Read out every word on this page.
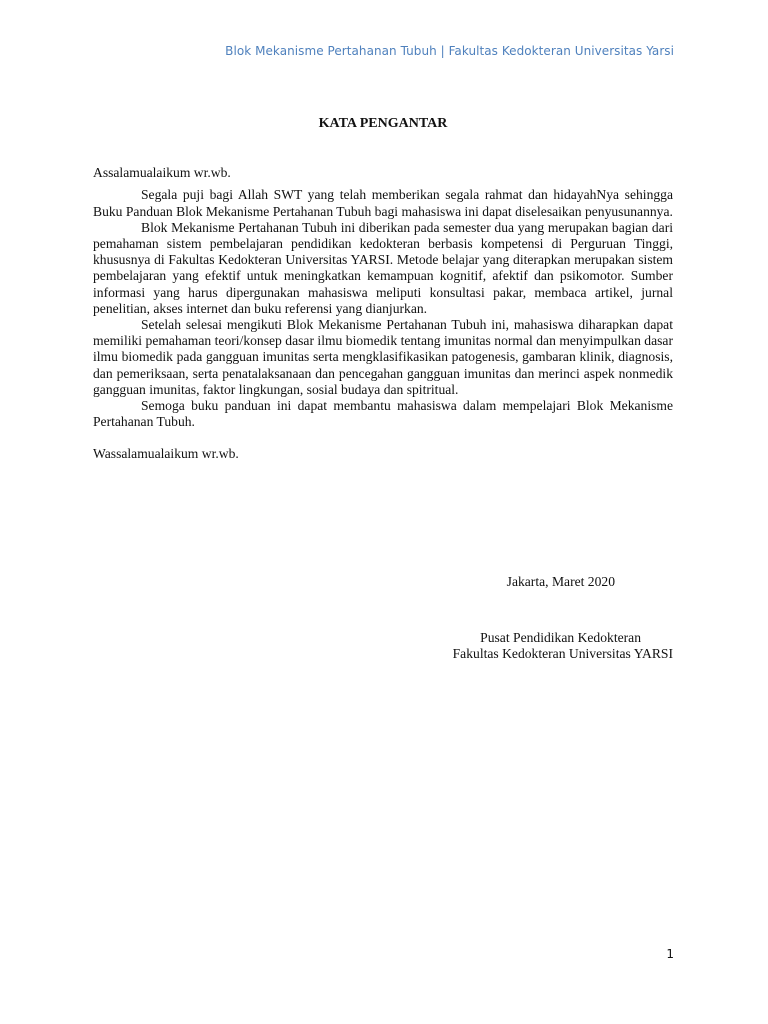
Blok Mekanisme Pertahanan Tubuh | Fakultas Kedokteran Universitas Yarsi
KATA PENGANTAR

Assalamualaikum wr.wb.

Segala puji bagi Allah SWT yang telah memberikan segala rahmat dan hidayahNya sehingga Buku Panduan Blok Mekanisme Pertahanan Tubuh bagi mahasiswa ini dapat diselesaikan penyusunannya.

Blok Mekanisme Pertahanan Tubuh ini diberikan pada semester dua yang merupakan bagian dari pemahaman sistem pembelajaran pendidikan kedokteran berbasis kompetensi di Perguruan Tinggi, khususnya di Fakultas Kedokteran Universitas YARSI. Metode belajar yang diterapkan merupakan sistem pembelajaran yang efektif untuk meningkatkan kemampuan kognitif, afektif dan psikomotor. Sumber informasi yang harus dipergunakan mahasiswa meliputi konsultasi pakar, membaca artikel, jurnal penelitian, akses internet dan buku referensi yang dianjurkan.

Setelah selesai mengikuti Blok Mekanisme Pertahanan Tubuh ini, mahasiswa diharapkan dapat memiliki pemahaman teori/konsep dasar ilmu biomedik tentang imunitas normal dan menyimpulkan dasar ilmu biomedik pada gangguan imunitas serta mengklasifikasikan patogenesis, gambaran klinik, diagnosis, dan pemeriksaan, serta penatalaksanaan dan pencegahan gangguan imunitas dan merinci aspek nonmedik gangguan imunitas, faktor lingkungan, sosial budaya dan spitritual.

Semoga buku panduan ini dapat membantu mahasiswa dalam mempelajari Blok Mekanisme Pertahanan Tubuh.

Wassalamualaikum wr.wb.

Jakarta, Maret 2020
Pusat Pendidikan Kedokteran
Fakultas Kedokteran Universitas YARSI
1
